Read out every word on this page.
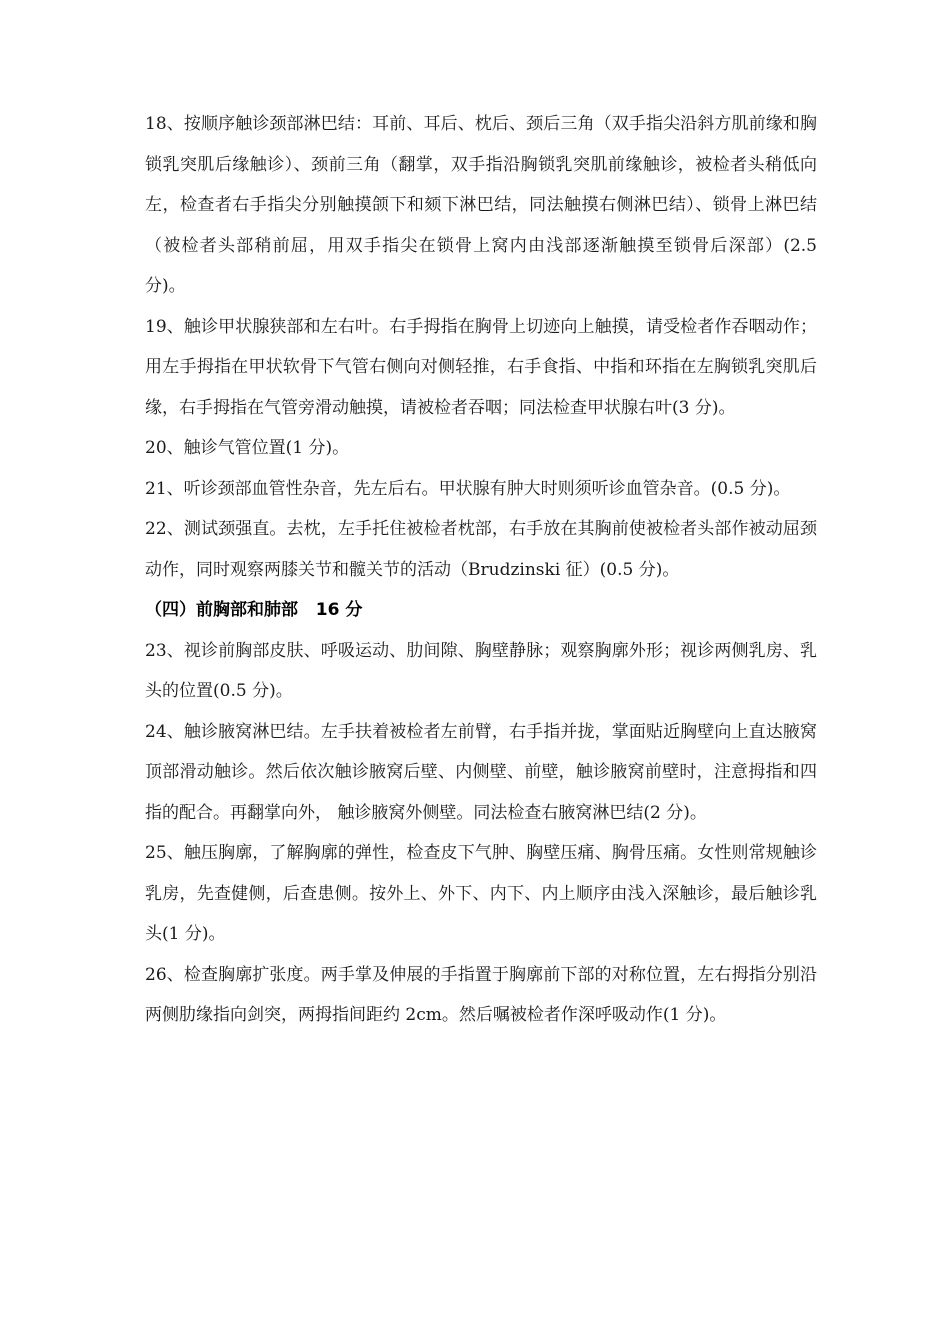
18、按顺序触诊颈部淋巴结：耳前、耳后、枕后、颈后三角（双手指尖沿斜方肌前缘和胸锁乳突肌后缘触诊）、颈前三角（翻掌，双手指沿胸锁乳突肌前缘触诊，被检者头稍低向左，检查者右手指尖分别触摸颌下和颏下淋巴结，同法触摸右侧淋巴结）、锁骨上淋巴结（被检者头部稍前屈，用双手指尖在锁骨上窝内由浅部逐渐触摸至锁骨后深部）(2.5 分)。

19、触诊甲状腺狭部和左右叶。右手拇指在胸骨上切迹向上触摸，请受检者作吞咽动作；用左手拇指在甲状软骨下气管右侧向对侧轻推，右手食指、中指和环指在左胸锁乳突肌后缘，右手拇指在气管旁滑动触摸，请被检者吞咽；同法检查甲状腺右叶(3 分)。

20、触诊气管位置(1 分)。

21、听诊颈部血管性杂音，先左后右。甲状腺有肿大时则须听诊血管杂音。(0.5 分)。

22、测试颈强直。去枕，左手托住被检者枕部，右手放在其胸前使被检者头部作被动屈颈动作，同时观察两膝关节和髋关节的活动（Brudzinski 征）(0.5 分)。

（四）前胸部和肺部   16 分

23、视诊前胸部皮肤、呼吸运动、肋间隙、胸壁静脉；观察胸廓外形；视诊两侧乳房、乳头的位置(0.5 分)。

24、触诊腋窝淋巴结。左手扶着被检者左前臂，右手指并拢，掌面贴近胸壁向上直达腋窝顶部滑动触诊。然后依次触诊腋窝后壁、内侧壁、前壁，触诊腋窝前壁时，注意拇指和四指的配合。再翻掌向外， 触诊腋窝外侧壁。同法检查右腋窝淋巴结(2 分)。

25、触压胸廓，了解胸廓的弹性，检查皮下气肿、胸壁压痛、胸骨压痛。女性则常规触诊乳房，先查健侧，后查患侧。按外上、外下、内下、内上顺序由浅入深触诊，最后触诊乳头(1 分)。

26、检查胸廓扩张度。两手掌及伸展的手指置于胸廓前下部的对称位置，左右拇指分别沿两侧肋缘指向剑突，两拇指间距约 2cm。然后嘱被检者作深呼吸动作(1 分)。
